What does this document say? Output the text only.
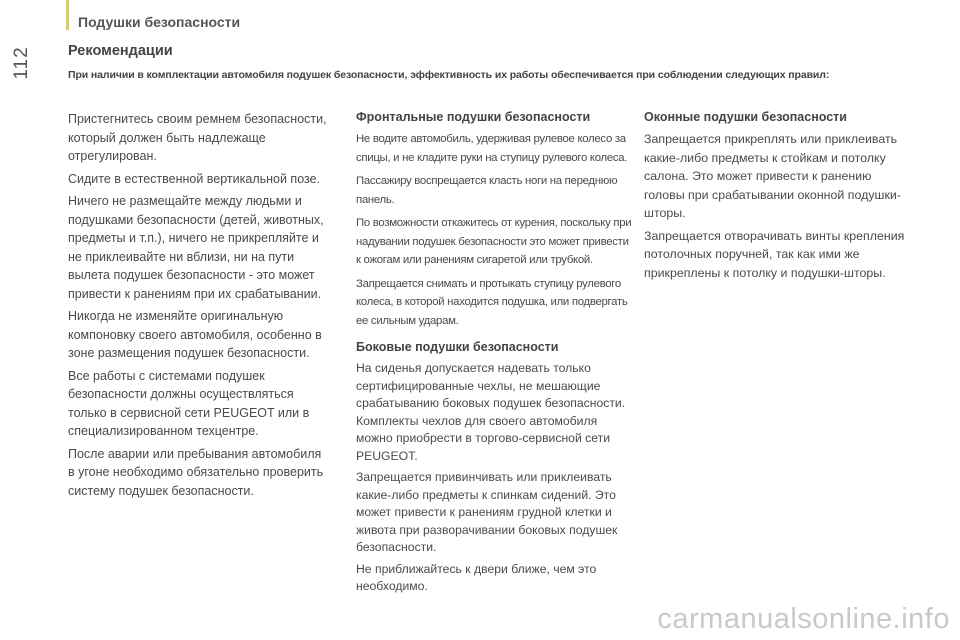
112
Подушки безопасности
Рекомендации
При наличии в комплектации автомобиля подушек безопасности, эффективность их работы обеспечивается при соблюдении следующих правил:

Пристегнитесь своим ремнем безопасности, который должен быть надлежаще отрегулирован.

Сидите в естественной вертикальной позе.

Ничего не размещайте между людьми и подушками безопасности (детей, животных, предметы и т.п.), ничего не прикрепляйте и не приклеивайте ни вблизи, ни на пути вылета подушек безопасности - это может привести к ранениям при их срабатывании.

Никогда не изменяйте оригинальную компоновку своего автомобиля, особенно в зоне размещения подушек безопасности.

Все работы с системами подушек безопасности должны осуществляться только в сервисной сети PEUGEOT или в специализированном техцентре.

После аварии или пребывания автомобиля в угоне необходимо обязательно проверить систему подушек безопасности.

Фронтальные подушки безопасности

Не водите автомобиль, удерживая рулевое колесо за спицы, и не кладите руки на ступицу рулевого колеса.

Пассажиру воспрещается класть ноги на переднюю панель.

По возможности откажитесь от курения, поскольку при надувании подушек безопасности это может привести к ожогам или ранениям сигаретой или трубкой.

Запрещается снимать и протыкать ступицу рулевого колеса, в которой находится подушка, или подвергать ее сильным ударам.

Боковые подушки безопасности

На сиденья допускается надевать только сертифицированные чехлы, не мешающие срабатыванию боковых подушек безопасности. Комплекты чехлов для своего автомобиля можно приобрести в торгово-сервисной сети PEUGEOT.

Запрещается привинчивать или приклеивать какие-либо предметы к спинкам сидений. Это может привести к ранениям грудной клетки и живота при разворачивании боковых подушек безопасности.

Не приближайтесь к двери ближе, чем это необходимо.

Оконные подушки безопасности

Запрещается прикреплять или приклеивать какие-либо предметы к стойкам и потолку салона. Это может привести к ранению головы при срабатывании оконной подушки-шторы.

Запрещается отворачивать винты крепления потолочных поручней, так как ими же прикреплены к потолку и подушки-шторы.

carmanualsonline.info
